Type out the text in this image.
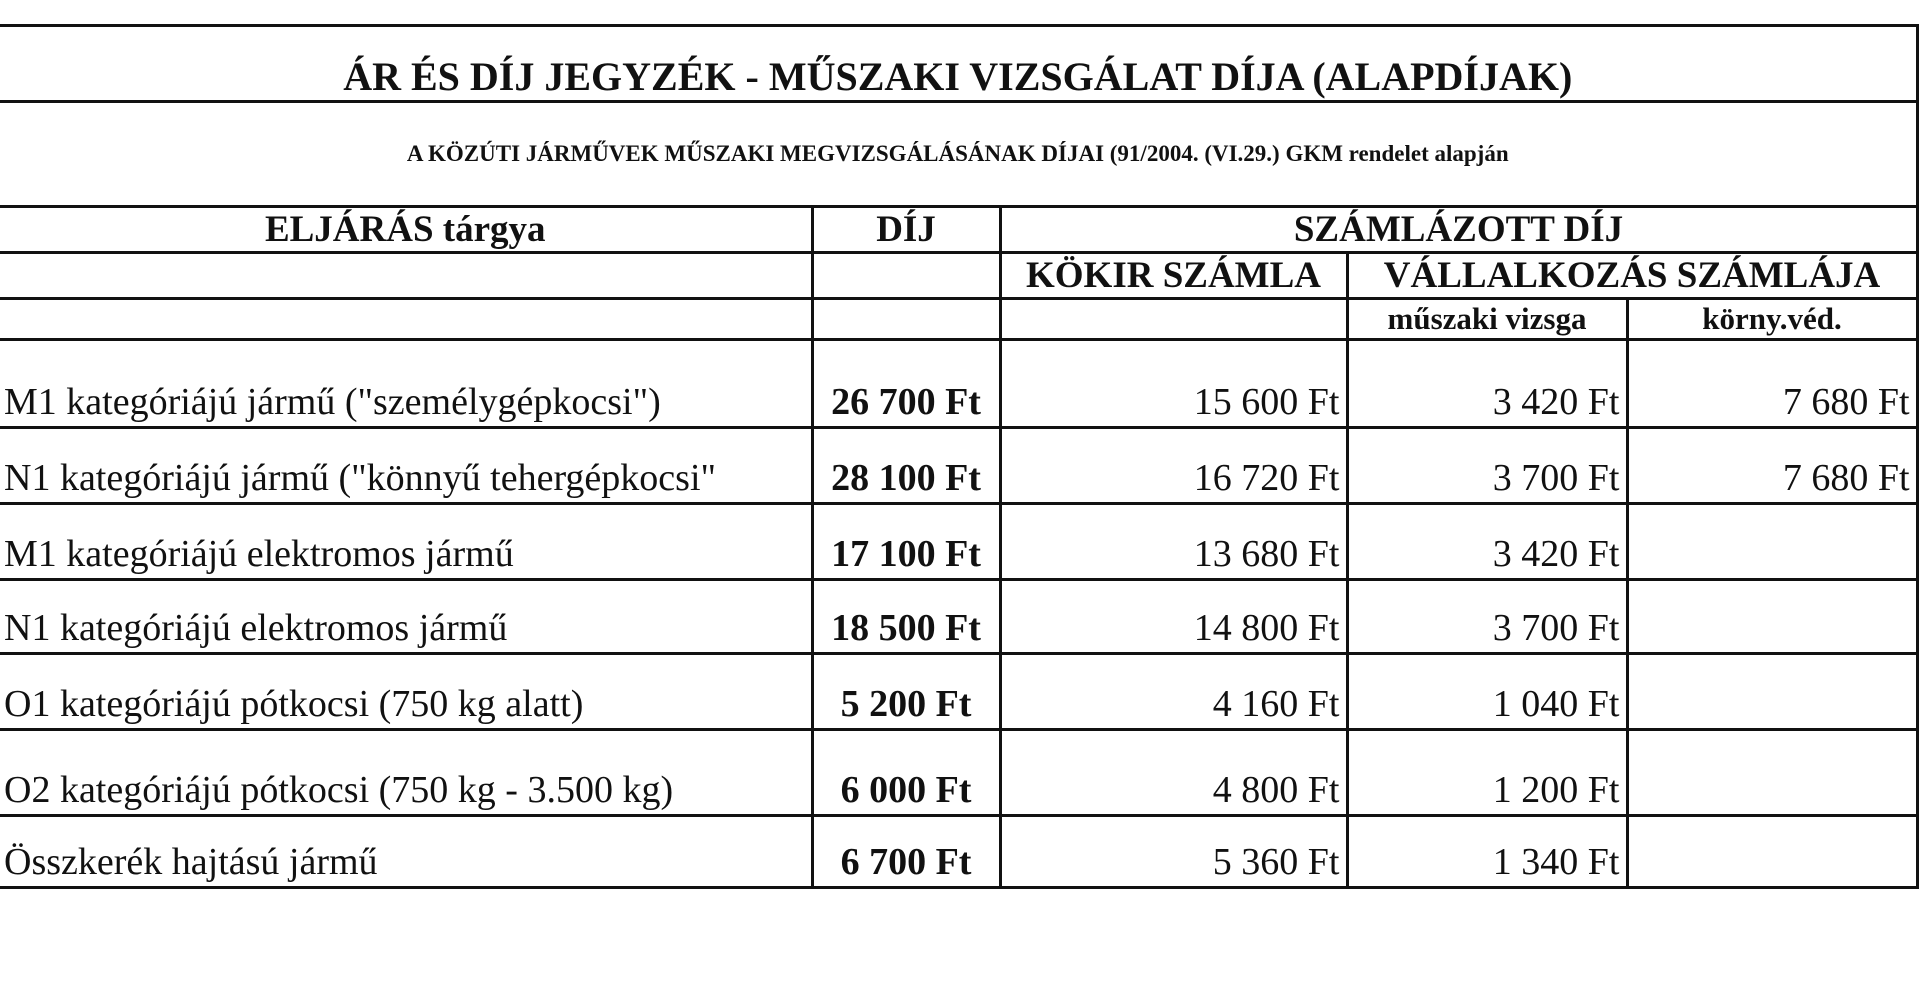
ÁR ÉS DÍJ JEGYZÉK - MŰSZAKI VIZSGÁLAT DÍJA (ALAPDÍJAK)				
A KÖZÚTI JÁRMŰVEK MŰSZAKI MEGVIZSGÁLÁSÁNAK DÍJAI (91/2004. (VI.29.) GKM rendelet alapján				
ELJÁRÁS tárgya	DÍJ	SZÁMLÁZOTT DÍJ		
		KÖKIR SZÁMLA	VÁLLALKOZÁS SZÁMLÁJA	
			műszaki vizsga	körny.véd.
M1 kategóriájú jármű ("személygépkocsi")	26 700 Ft	15 600 Ft	3 420 Ft	7 680 Ft
N1 kategóriájú jármű ("könnyű tehergépkocsi"	28 100 Ft	16 720 Ft	3 700 Ft	7 680 Ft
M1 kategóriájú elektromos jármű	17 100 Ft	13 680 Ft	3 420 Ft	
N1 kategóriájú elektromos jármű	18 500 Ft	14 800 Ft	3 700 Ft	
O1 kategóriájú pótkocsi (750 kg alatt)	5 200 Ft	4 160 Ft	1 040 Ft	
O2 kategóriájú pótkocsi (750 kg - 3.500 kg)	6 000 Ft	4 800 Ft	1 200 Ft	
Összkerék hajtású jármű	6 700 Ft	5 360 Ft	1 340 Ft	
